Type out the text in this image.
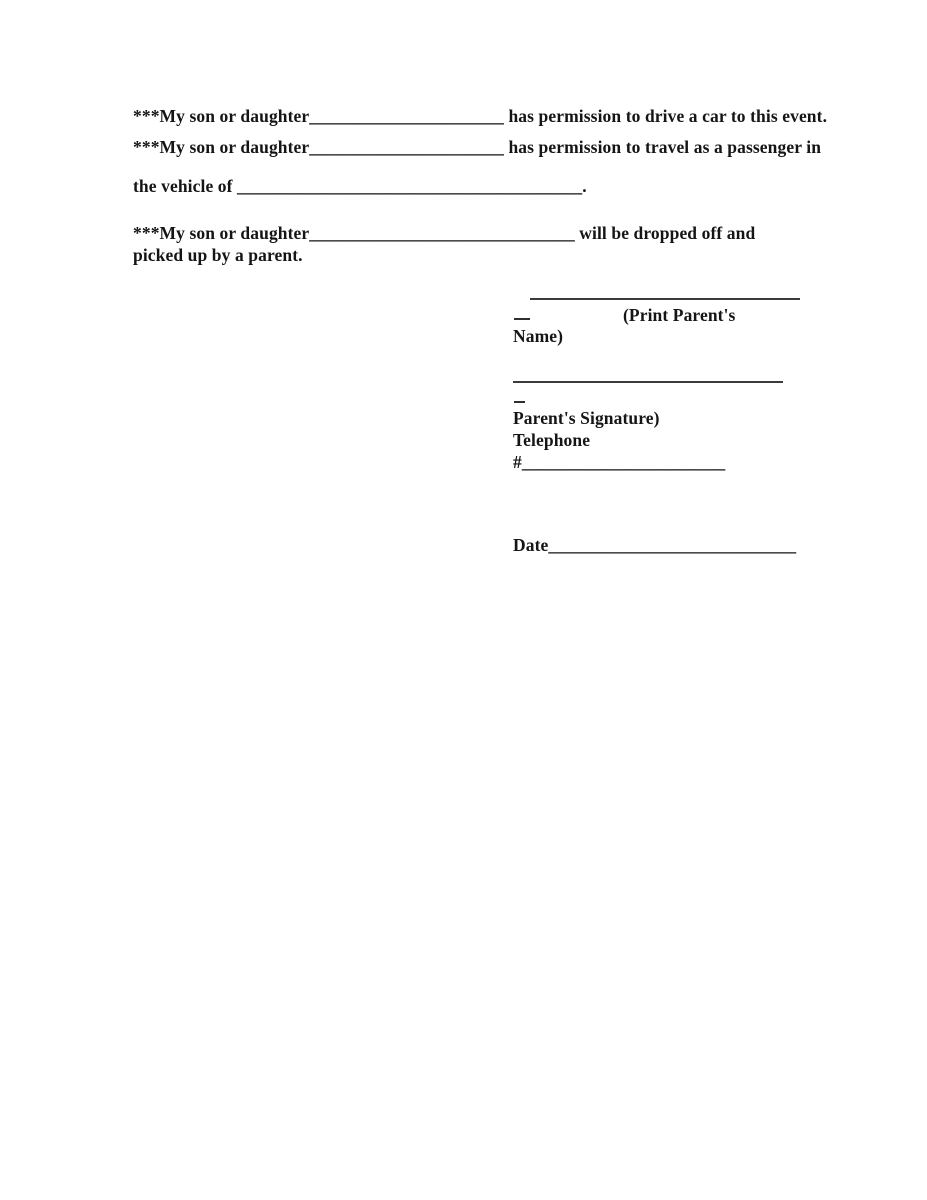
***My son or daughter______________________ has permission to drive a car to this event.
***My son or daughter______________________ has permission to travel as a passenger in
the vehicle of _______________________________________.
***My son or daughter______________________________ will be dropped off and
picked up by a parent.
(Print Parent's
Name)
Parent's Signature)
Telephone
#_______________________
Date____________________________
